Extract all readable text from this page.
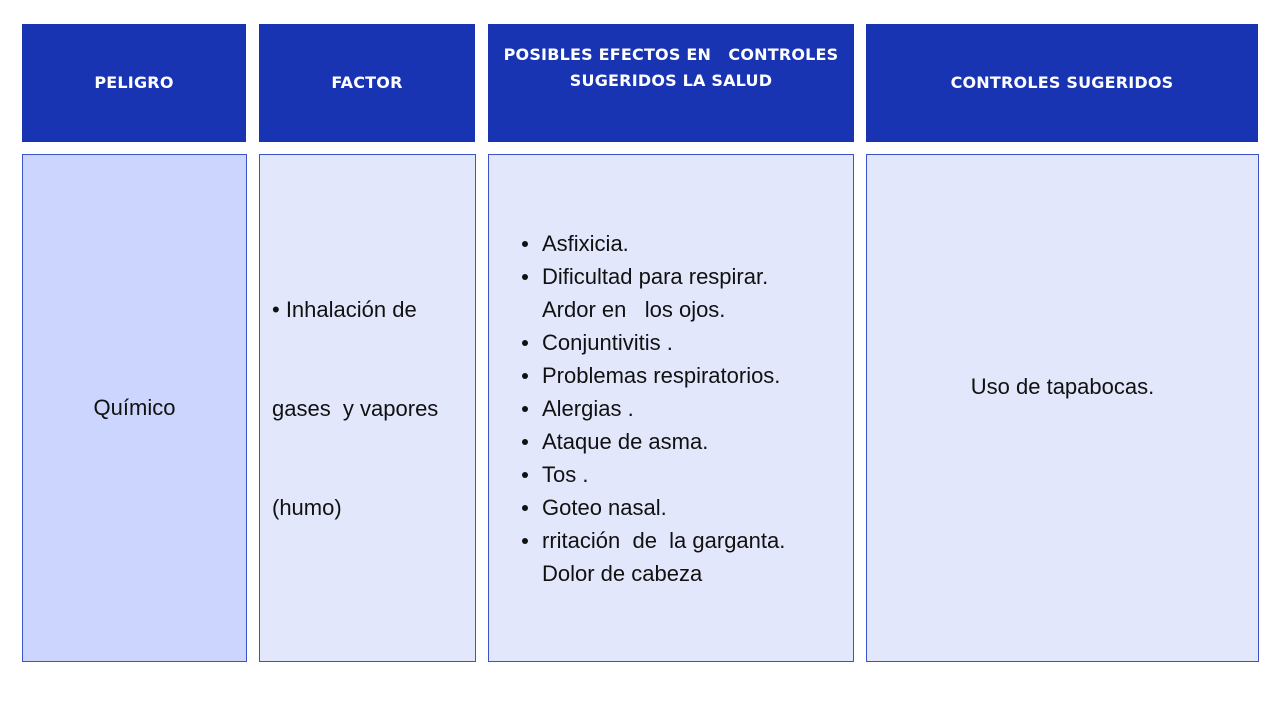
PELIGRO	FACTOR
POSIBLES EFECTOS EN   CONTROLES
SUGERIDOS LA SALUD	CONTROLES SUGERIDOS
Químico

• Inhalación de

gases  y vapores

(humo)

Asfixicia.
Dificultad para respirar.
Ardor en   los ojos.
Conjuntivitis .
Problemas respiratorios.
Alergias .
Ataque de asma.
Tos .
Goteo nasal.
rritación  de  la garganta.
Dolor de cabeza
Uso de tapabocas.
